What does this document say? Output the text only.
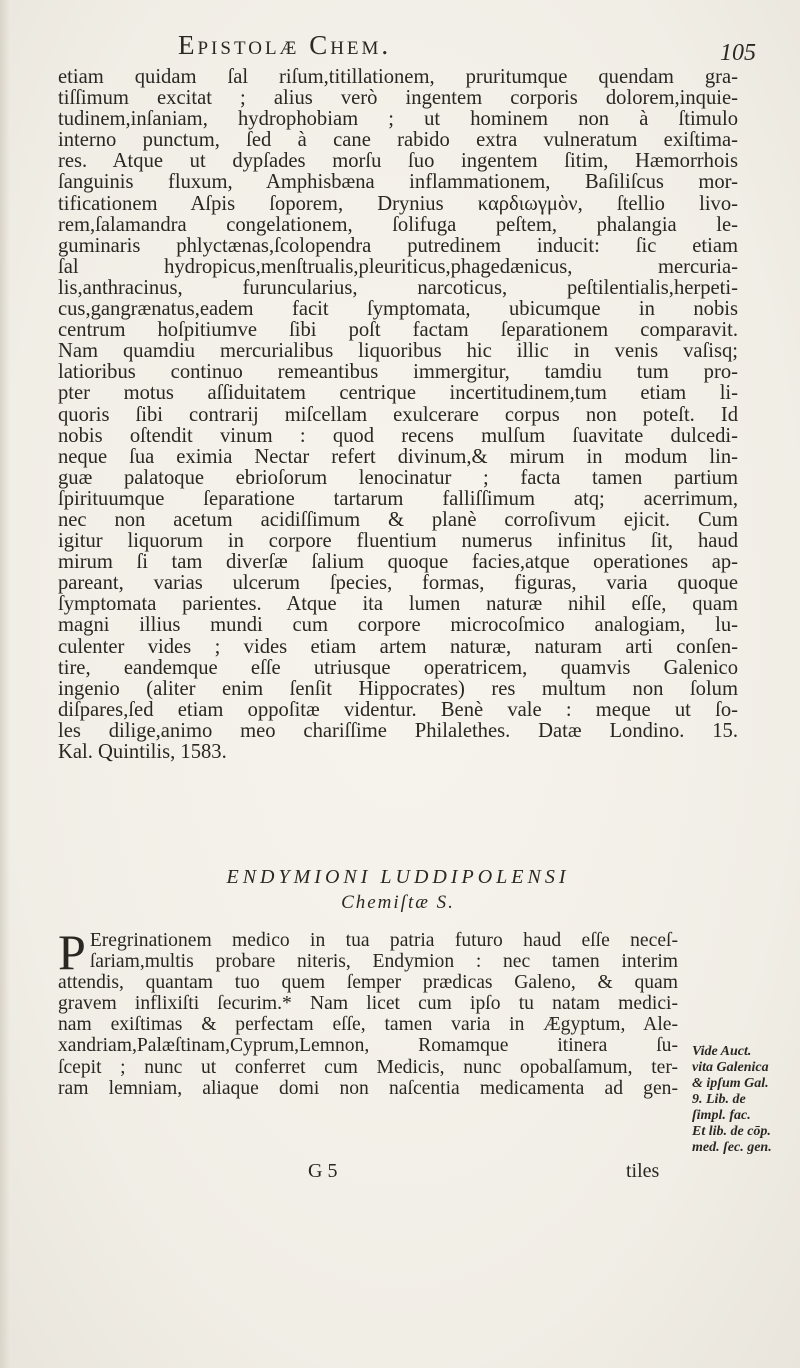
Epistolæ Chem.	105
etiam quidam ſal riſum,titillationem, pruritumque quendam gra-
tiſſimum excitat ; alius verò ingentem corporis dolorem,inquie-
tudinem,inſaniam, hydrophobiam ; ut hominem non à ſtimulo
interno punctum, ſed à cane rabido extra vulneratum exiſtima-
res. Atque ut dypſades morſu ſuo ingentem ſitim, Hæmorrhois
ſanguinis fluxum, Amphisbæna inflammationem, Baſiliſcus mor-
tificationem Aſpis ſoporem, Drynius καρδιωγμὸν, ſtellio livo-
rem,ſalamandra congelationem, ſolifuga peſtem, phalangia le-
guminaris phlyctænas,ſcolopendra putredinem inducit: ſic etiam
ſal hydropicus,menſtrualis,pleuriticus,phagedænicus, mercuria-
lis,anthracinus, furuncularius, narcoticus, peſtilentialis,herpeti-
cus,gangrænatus,eadem facit ſymptomata, ubicumque in nobis
centrum hoſpitiumve ſibi poſt factam ſeparationem comparavit.
Nam quamdiu mercurialibus liquoribus hic illic in venis vaſisq;
latioribus continuo remeantibus immergitur, tamdiu tum pro-
pter motus aſſiduitatem centrique incertitudinem,tum etiam li-
quoris ſibi contrarij miſcellam exulcerare corpus non poteſt. Id
nobis oſtendit vinum : quod recens mulſum ſuavitate dulcedi-
neque ſua eximia Nectar refert divinum,& mirum in modum lin-
guæ palatoque ebrioſorum lenocinatur ; facta tamen partium
ſpirituumque ſeparatione tartarum falliſſimum atq; acerrimum,
nec non acetum acidiſſimum & planè corroſivum ejicit. Cum
igitur liquorum in corpore fluentium numerus infinitus ſit, haud
mirum ſi tam diverſæ ſalium quoque facies,atque operationes ap-
pareant, varias ulcerum ſpecies, formas, figuras, varia quoque
ſymptomata parientes. Atque ita lumen naturæ nihil eſſe, quam
magni illius mundi cum corpore microcoſmico analogiam, lu-
culenter vides ; vides etiam artem naturæ, naturam arti conſen-
tire, eandemque eſſe utriusque operatricem, quamvis Galenico
ingenio (aliter enim ſenſit Hippocrates) res multum non ſolum
diſpares,ſed etiam oppoſitæ videntur. Benè vale : meque ut ſo-
les dilige,animo meo chariſſime Philalethes. Datæ Londino. 15.
Kal. Quintilis, 1583.
ENDYMIONI LUDDIPOLENSI
Chemiſtæ S.
P Eregrinationem medico in tua patria futuro haud eſſe neceſ-
ſariam,multis probare niteris, Endymion : nec tamen interim
attendis, quantam tuo quem ſemper prædicas Galeno, & quam
gravem inflixiſti ſecurim.* Nam licet cum ipſo tu natam medici-
nam exiſtimas & perfectam eſſe, tamen varia in Ægyptum, Ale-
xandriam,Palæſtinam,Cyprum,Lemnon, Romamque itinera ſu-
ſcepit ; nunc ut conferret cum Medicis, nunc opobalſamum, ter-
ram lemniam, aliaque domi non naſcentia medicamenta ad gen-
Vide Auct.
vita Galenica
& ipſum Gal.
9. Lib. de
ſimpl. fac.
Et lib. de cōp.
med. ſec. gen.
G 5	tiles
